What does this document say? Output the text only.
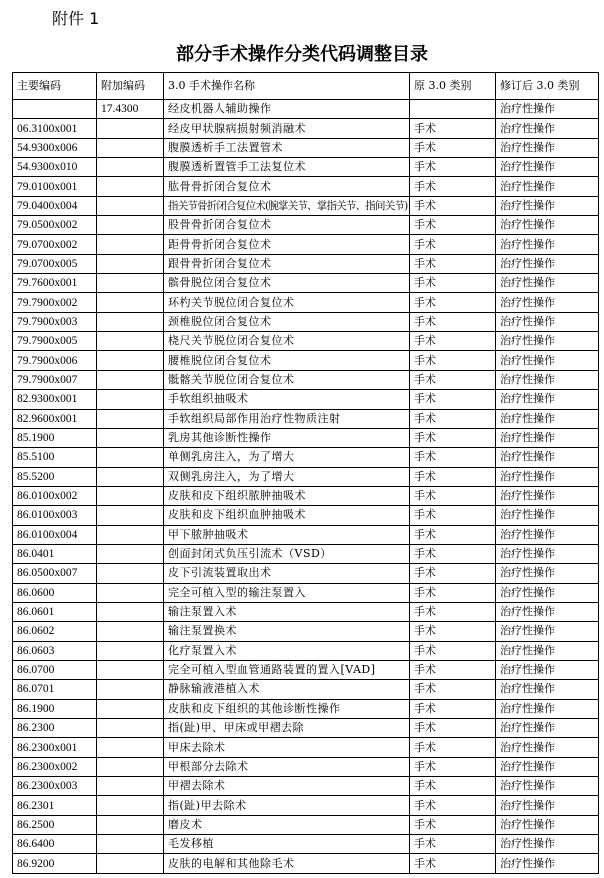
附件 1
部分手术操作分类代码调整目录
主要编码	附加编码	3.0 手术操作名称	原 3.0 类别	修订后 3.0 类别
	17.4300	经皮机器人辅助操作		治疗性操作
06.3100x001		经皮甲状腺病损射频消融术	手术	治疗性操作
54.9300x006		腹膜透析手工法置管术	手术	治疗性操作
54.9300x010		腹膜透析置管手工法复位术	手术	治疗性操作
79.0100x001		肱骨骨折闭合复位术	手术	治疗性操作
79.0400x004		指关节骨折闭合复位术(腕掌关节、掌指关节、指间关节)	手术	治疗性操作
79.0500x002		股骨骨折闭合复位术	手术	治疗性操作
79.0700x002		距骨骨折闭合复位术	手术	治疗性操作
79.0700x005		跟骨骨折闭合复位术	手术	治疗性操作
79.7600x001		髌骨脱位闭合复位术	手术	治疗性操作
79.7900x002		环杓关节脱位闭合复位术	手术	治疗性操作
79.7900x003		颈椎脱位闭合复位术	手术	治疗性操作
79.7900x005		桡尺关节脱位闭合复位术	手术	治疗性操作
79.7900x006		腰椎脱位闭合复位术	手术	治疗性操作
79.7900x007		骶髂关节脱位闭合复位术	手术	治疗性操作
82.9300x001		手软组织抽吸术	手术	治疗性操作
82.9600x001		手软组织局部作用治疗性物质注射	手术	治疗性操作
85.1900		乳房其他诊断性操作	手术	治疗性操作
85.5100		单侧乳房注入，为了增大	手术	治疗性操作
85.5200		双侧乳房注入，为了增大	手术	治疗性操作
86.0100x002		皮肤和皮下组织脓肿抽吸术	手术	治疗性操作
86.0100x003		皮肤和皮下组织血肿抽吸术	手术	治疗性操作
86.0100x004		甲下脓肿抽吸术	手术	治疗性操作
86.0401		创面封闭式负压引流术（VSD）	手术	治疗性操作
86.0500x007		皮下引流装置取出术	手术	治疗性操作
86.0600		完全可植入型的输注泵置入	手术	治疗性操作
86.0601		输注泵置入术	手术	治疗性操作
86.0602		输注泵置换术	手术	治疗性操作
86.0603		化疗泵置入术	手术	治疗性操作
86.0700		完全可植入型血管通路装置的置入[VAD]	手术	治疗性操作
86.0701		静脉输液港植入术	手术	治疗性操作
86.1900		皮肤和皮下组织的其他诊断性操作	手术	治疗性操作
86.2300		指(趾)甲、甲床或甲褶去除	手术	治疗性操作
86.2300x001		甲床去除术	手术	治疗性操作
86.2300x002		甲根部分去除术	手术	治疗性操作
86.2300x003		甲褶去除术	手术	治疗性操作
86.2301		指(趾)甲去除术	手术	治疗性操作
86.2500		磨皮术	手术	治疗性操作
86.6400		毛发移植	手术	治疗性操作
86.9200		皮肤的电解和其他除毛术	手术	治疗性操作
